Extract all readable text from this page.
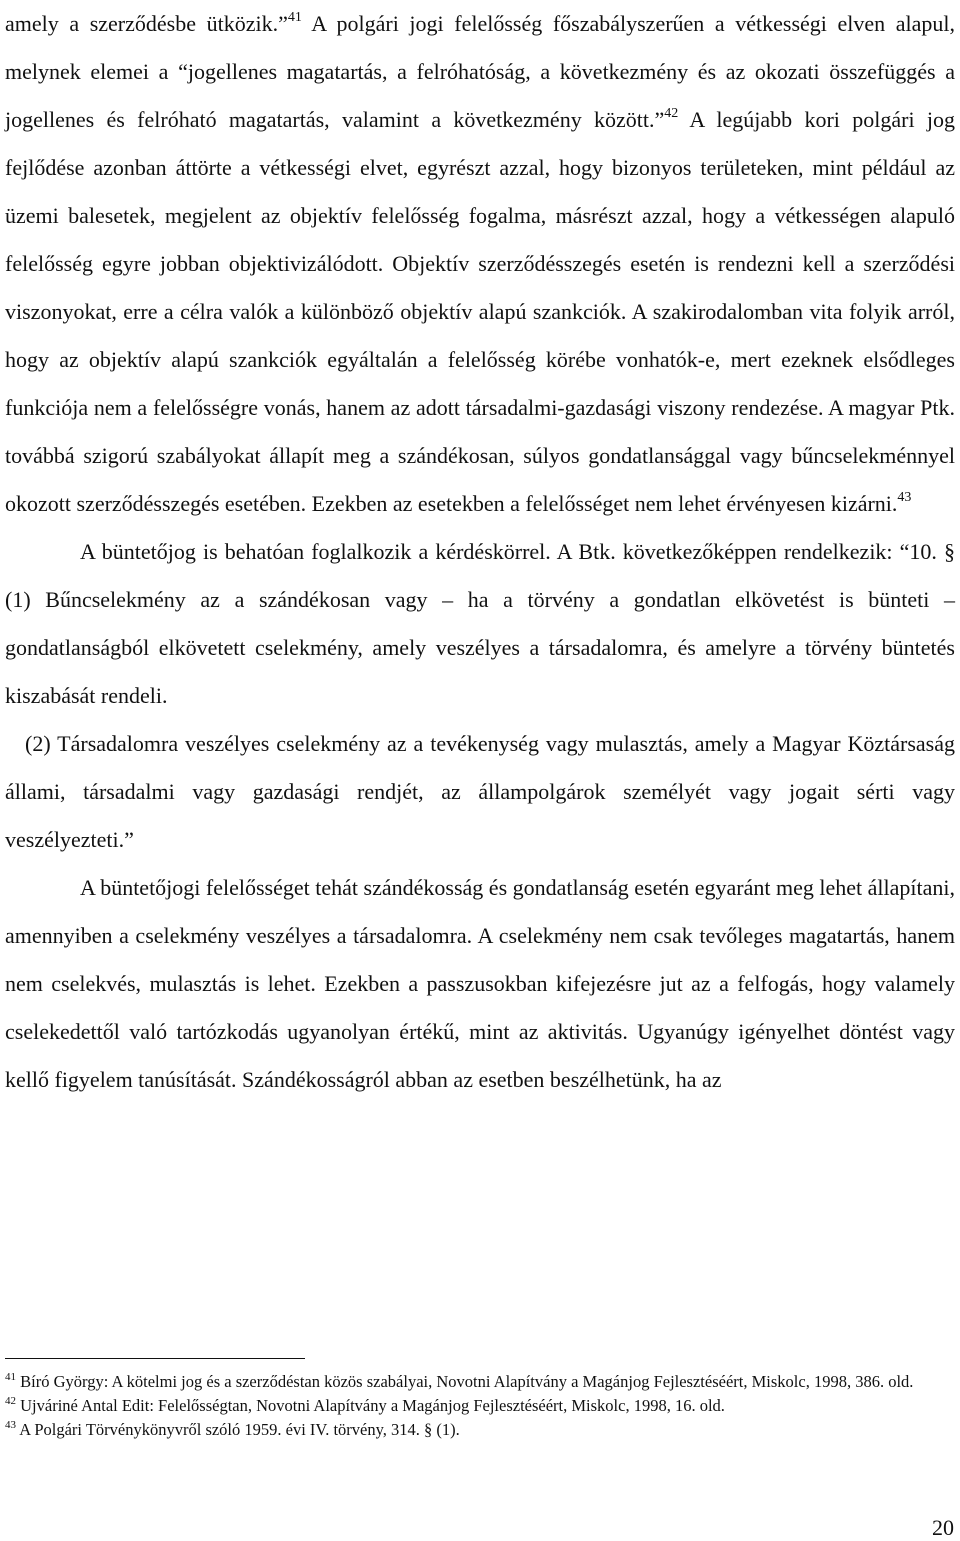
amely a szerződésbe ütközik.”$^{41}$ A polgári jogi felelősség főszabályszerűen a vétkességi elven alapul, melynek elemei a “jogellenes magatartás, a felróhatóság, a következmény és az okozati összefüggés a jogellenes és felróható magatartás, valamint a következmény között.”$^{42}$ A legújabb kori polgári jog fejlődése azonban áttörte a vétkességi elvet, egyrészt azzal, hogy bizonyos területeken, mint például az üzemi balesetek, megjelent az objektív felelősség fogalma, másrészt azzal, hogy a vétkességen alapuló felelősség egyre jobban objektivizálódott. Objektív szerződésszegés esetén is rendezni kell a szerződési viszonyokat, erre a célra valók a különböző objektív alapú szankciók. A szakirodalomban vita folyik arról, hogy az objektív alapú szankciók egyáltalán a felelősség körébe vonhatók-e, mert ezeknek elsődleges funkciója nem a felelősségre vonás, hanem az adott társadalmi-gazdasági viszony rendezése. A magyar Ptk. továbbá szigorú szabályokat állapít meg a szándékosan, súlyos gondatlansággal vagy bűncselekménnyel okozott szerződésszegés esetében. Ezekben az esetekben a felelősséget nem lehet érvényesen kizárni.$^{43}$

A büntetőjog is behatóan foglalkozik a kérdéskörrel. A Btk. következőképpen rendelkezik: “10. § (1) Bűncselekmény az a szándékosan vagy – ha a törvény a gondatlan elkövetést is bünteti – gondatlanságból elkövetett cselekmény, amely veszélyes a társadalomra, és amelyre a törvény büntetés kiszabását rendeli.

(2) Társadalomra veszélyes cselekmény az a tevékenység vagy mulasztás, amely a Magyar Köztársaság állami, társadalmi vagy gazdasági rendjét, az állampolgárok személyét vagy jogait sérti vagy veszélyezteti.”

A büntetőjogi felelősséget tehát szándékosság és gondatlanság esetén egyaránt meg lehet állapítani, amennyiben a cselekmény veszélyes a társadalomra. A cselekmény nem csak tevőleges magatartás, hanem nem cselekvés, mulasztás is lehet. Ezekben a passzusokban kifejezésre jut az a felfogás, hogy valamely cselekedettől való tartózkodás ugyanolyan értékű, mint az aktivitás. Ugyanúgy igényelhet döntést vagy kellő figyelem tanúsítását. Szándékosságról abban az esetben beszélhetünk, ha az

$^{41}$ Bíró György: A kötelmi jog és a szerződéstan közös szabályai, Novotni Alapítvány a Magánjog Fejlesztéséért, Miskolc, 1998, 386. old.

$^{42}$ Ujváriné Antal Edit: Felelősségtan, Novotni Alapítvány a Magánjog Fejlesztéséért, Miskolc, 1998, 16. old.

$^{43}$ A Polgári Törvénykönyvről szóló 1959. évi IV. törvény, 314. § (1).

20
